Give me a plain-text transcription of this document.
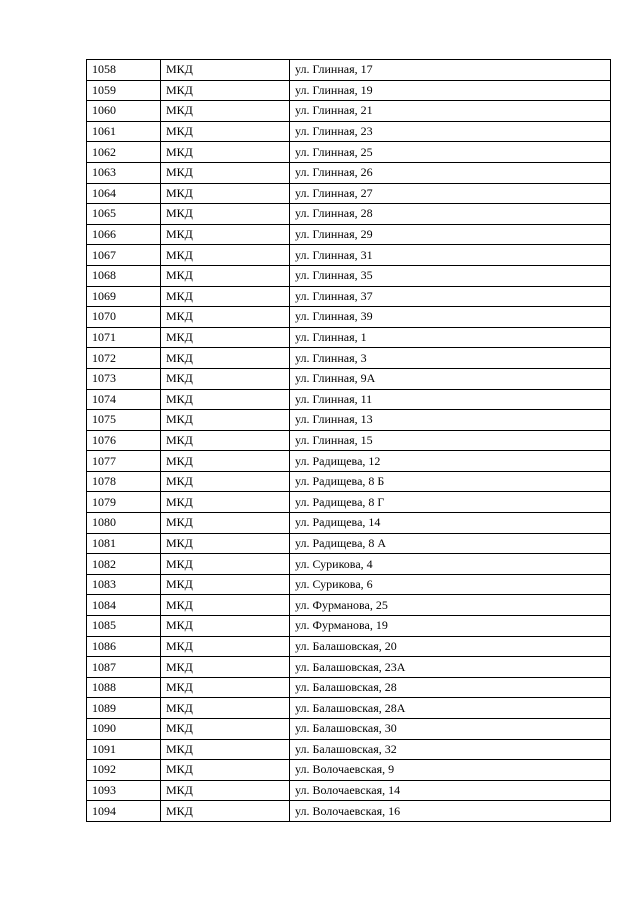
1058	МКД	ул. Глинная, 17
1059	МКД	ул. Глинная, 19
1060	МКД	ул. Глинная, 21
1061	МКД	ул. Глинная, 23
1062	МКД	ул. Глинная, 25
1063	МКД	ул. Глинная, 26
1064	МКД	ул. Глинная, 27
1065	МКД	ул. Глинная, 28
1066	МКД	ул. Глинная, 29
1067	МКД	ул. Глинная, 31
1068	МКД	ул. Глинная, 35
1069	МКД	ул. Глинная, 37
1070	МКД	ул. Глинная, 39
1071	МКД	ул. Глинная, 1
1072	МКД	ул. Глинная, 3
1073	МКД	ул. Глинная, 9А
1074	МКД	ул. Глинная, 11
1075	МКД	ул. Глинная, 13
1076	МКД	ул. Глинная, 15
1077	МКД	ул. Радищева, 12
1078	МКД	ул. Радищева, 8 Б
1079	МКД	ул. Радищева, 8 Г
1080	МКД	ул. Радищева, 14
1081	МКД	ул. Радищева, 8 А
1082	МКД	ул. Сурикова, 4
1083	МКД	ул. Сурикова, 6
1084	МКД	ул. Фурманова, 25
1085	МКД	ул. Фурманова, 19
1086	МКД	ул. Балашовская, 20
1087	МКД	ул. Балашовская, 23А
1088	МКД	ул. Балашовская, 28
1089	МКД	ул. Балашовская, 28А
1090	МКД	ул. Балашовская, 30
1091	МКД	ул. Балашовская, 32
1092	МКД	ул. Волочаевская, 9
1093	МКД	ул. Волочаевская, 14
1094	МКД	ул. Волочаевская, 16
